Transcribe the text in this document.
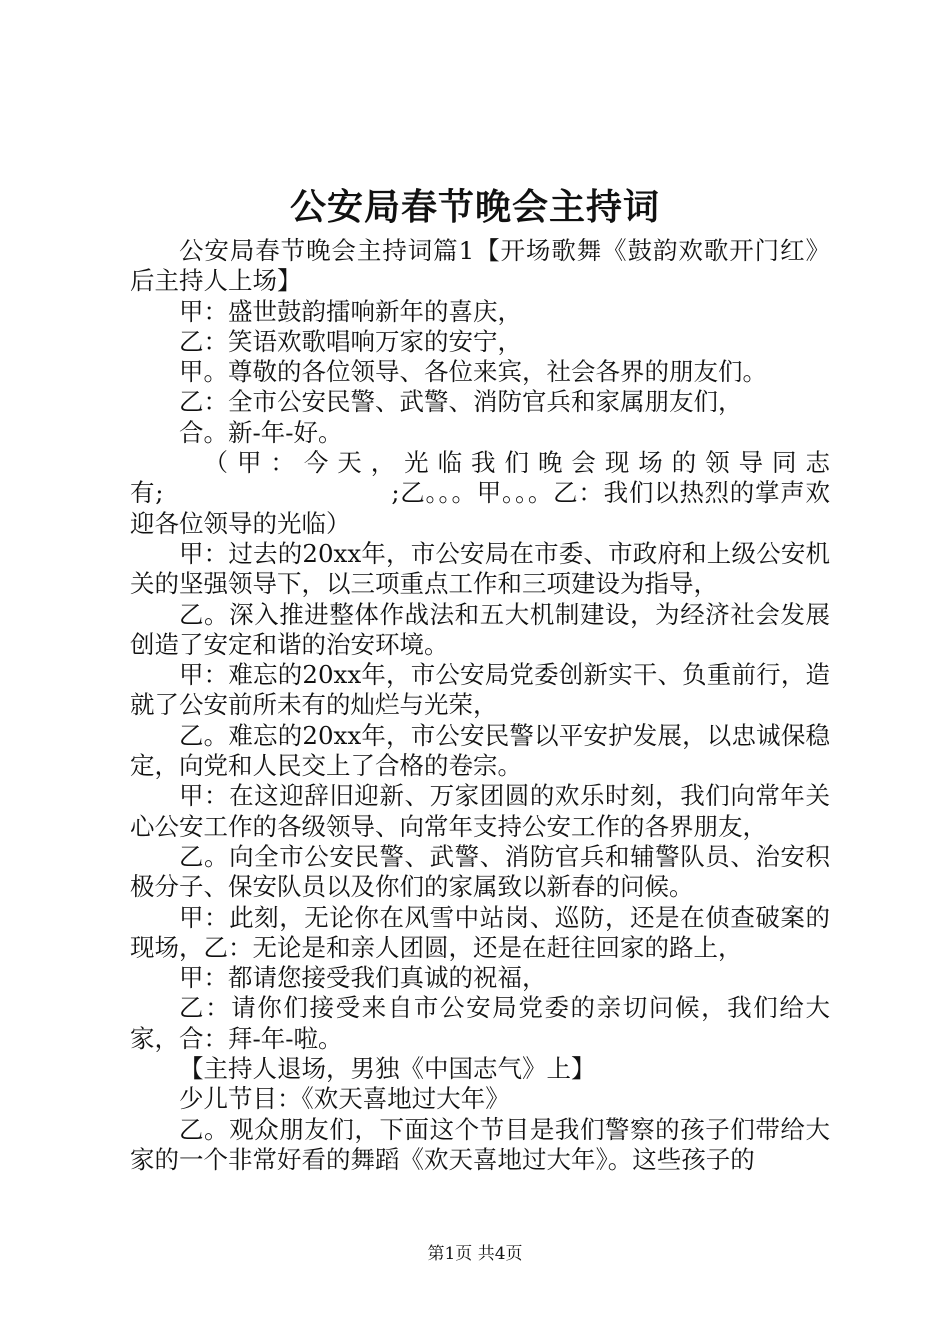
公安局春节晚会主持词

公安局春节晚会主持词篇1【开场歌舞《鼓韵欢歌开门红》后主持人上场】

甲：盛世鼓韵擂响新年的喜庆，

乙：笑语欢歌唱响万家的安宁，

甲。尊敬的各位领导、各位来宾，社会各界的朋友们。

乙：全市公安民警、武警、消防官兵和家属朋友们，

合。新-年-好。

（甲：今天，光临我们晚会现场的领导同志有;　　　　　　　　　;乙。。。甲。。。乙：我们以热烈的掌声欢迎各位领导的光临）

甲：过去的20xx年，市公安局在市委、市政府和上级公安机关的坚强领导下，以三项重点工作和三项建设为指导，

乙。深入推进整体作战法和五大机制建设，为经济社会发展创造了安定和谐的治安环境。

甲：难忘的20xx年，市公安局党委创新实干、负重前行，造就了公安前所未有的灿烂与光荣，

乙。难忘的20xx年，市公安民警以平安护发展，以忠诚保稳定，向党和人民交上了合格的卷宗。

甲：在这迎辞旧迎新、万家团圆的欢乐时刻，我们向常年关心公安工作的各级领导、向常年支持公安工作的各界朋友，

乙。向全市公安民警、武警、消防官兵和辅警队员、治安积极分子、保安队员以及你们的家属致以新春的问候。

甲：此刻，无论你在风雪中站岗、巡防，还是在侦查破案的现场，乙：无论是和亲人团圆，还是在赶往回家的路上，

甲：都请您接受我们真诚的祝福，

乙：请你们接受来自市公安局党委的亲切问候，我们给大家，合：拜-年-啦。

【主持人退场，男独《中国志气》上】

少儿节目：《欢天喜地过大年》

乙。观众朋友们，下面这个节目是我们警察的孩子们带给大家的一个非常好看的舞蹈《欢天喜地过大年》。这些孩子的

第1页 共4页
